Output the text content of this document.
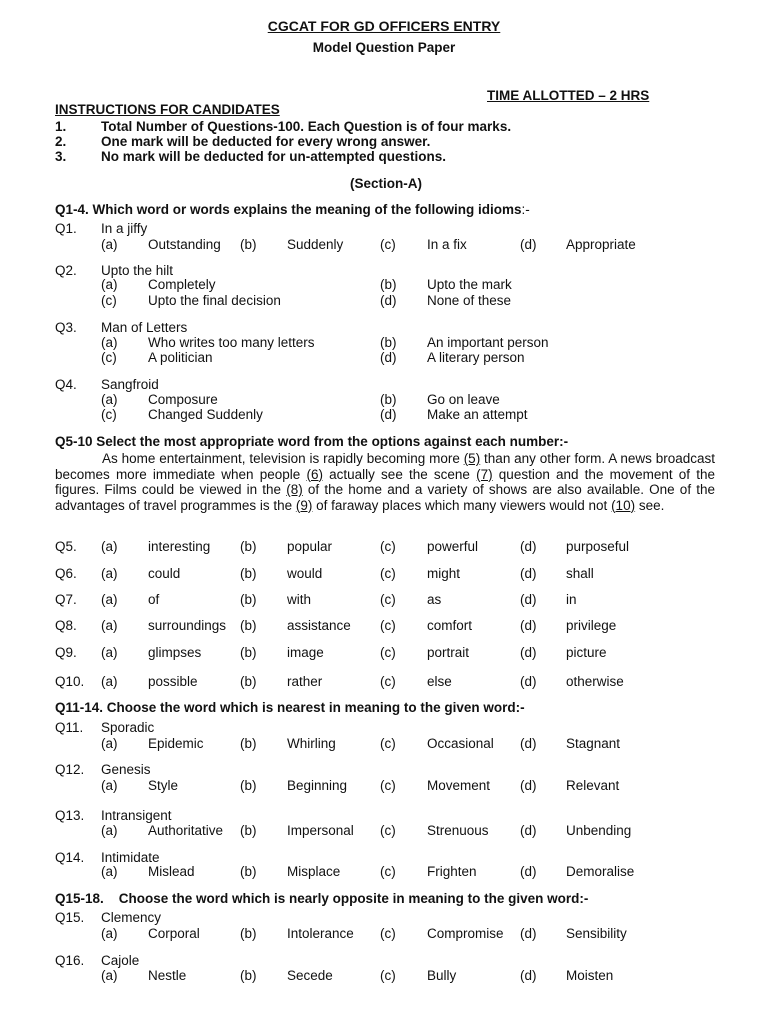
CGCAT FOR GD OFFICERS ENTRY
Model Question Paper
TIME ALLOTTED – 2 HRS
INSTRUCTIONS FOR CANDIDATES
1.	Total Number of Questions-100. Each Question is of four marks.
2.	One mark will be deducted for every wrong answer.
3.	No mark will be deducted for un-attempted questions.
(Section-A)
Q1-4. Which word or words explains the meaning of the following idioms:-
Q1. In a jiffy
(a) Outstanding (b) Suddenly	(c) In a fix	(d) Appropriate
Q2. Upto the hilt
(a) Completely	(b) Upto the mark
(c) Upto the final decision	(d) None of these
Q3. Man of Letters
(a) Who writes too many letters	(b) An important person
(c) A politician	(d) A literary person
Q4. Sangfroid
(a) Composure	(b) Go on leave
(c) Changed Suddenly	(d) Make an attempt
Q5-10 Select the most appropriate word from the options against each number:-
As home entertainment, television is rapidly becoming more (5) than any other form. A news broadcast becomes more immediate when people (6) actually see the scene (7) question and the movement of the figures. Films could be viewed in the (8) of the home and a variety of shows are also available. One of the advantages of travel programmes is the (9) of faraway places which many viewers would not (10) see.
Q5. (a) interesting (b) popular	(c) powerful	(d) purposeful
Q6. (a) could	(b) would	(c) might	(d) shall
Q7. (a) of	(b) with	(c) as	(d) in
Q8. (a) surroundings (b) assistance (c) comfort	(d) privilege
Q9. (a) glimpses	(b) image	(c) portrait	(d) picture
Q10. (a) possible	(b) rather	(c) else	(d) otherwise
Q11-14. Choose the word which is nearest in meaning to the given word:-
Q11. Sporadic
(a) Epidemic	(b) Whirling	(c) Occasional (d) Stagnant
Q12. Genesis
(a) Style	(b) Beginning (c) Movement (d) Relevant
Q13. Intransigent
(a) Authoritative (b) Impersonal (c) Strenuous (d) Unbending
Q14. Intimidate
(a) Mislead	(b) Misplace	(c) Frighten	(d) Demoralise
Q15-18.    Choose the word which is nearly opposite in meaning to the given word:-
Q15. Clemency
(a) Corporal	(b) Intolerance (c) Compromise (d) Sensibility
Q16. Cajole
(a) Nestle	(b) Secede	(c) Bully	(d) Moisten
